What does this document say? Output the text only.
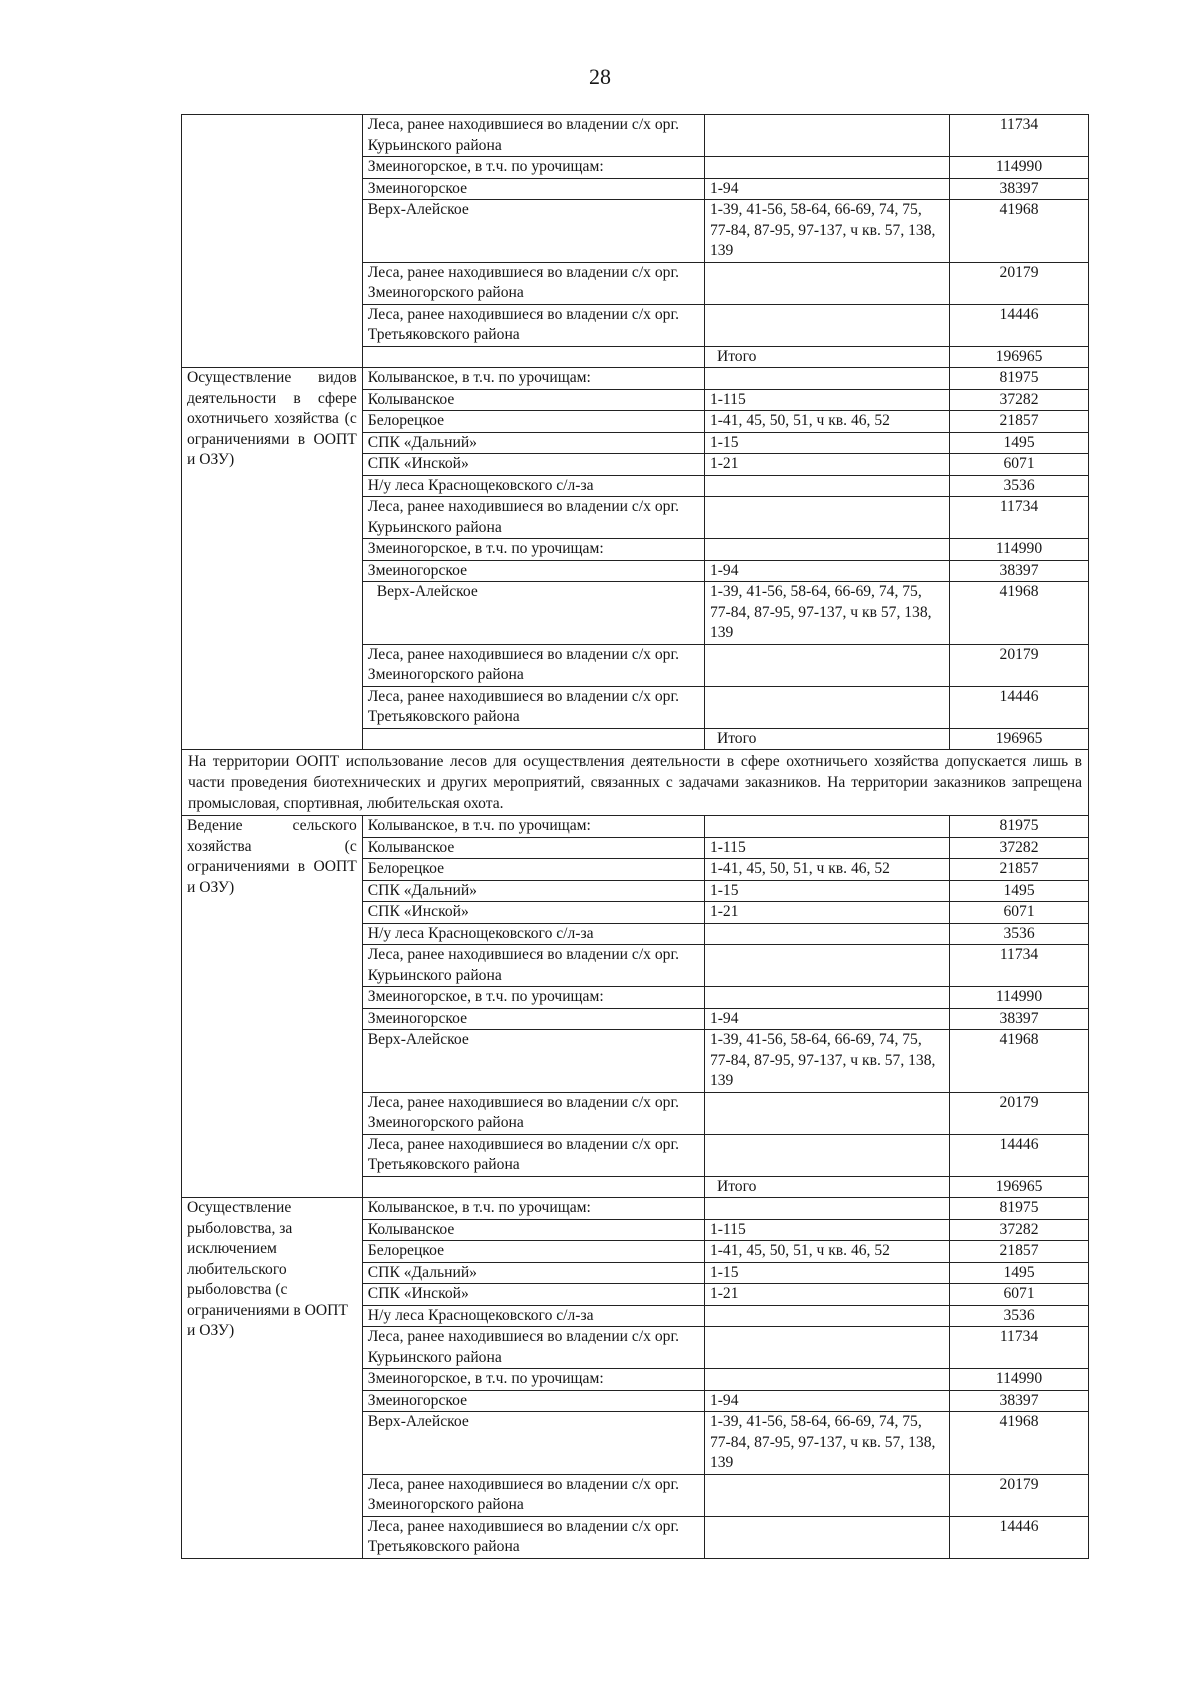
28
	Леса, ранее находившиеся во владении с/х орг. Курьинского района		11734
	Змеиногорское, в т.ч. по урочищам:		114990
	Змеиногорское	1-94	38397
	Верх-Алейское	1-39, 41-56, 58-64, 66-69, 74, 75, 77-84, 87-95, 97-137, ч кв. 57, 138, 139	41968
	Леса, ранее находившиеся во владении с/х орг. Змеиногорского района		20179
	Леса, ранее находившиеся во владении с/х орг. Третьяковского района		14446
		Итого	196965
Осуществление видов деятельности в сфере охотничьего хозяйства (с ограничениями в ООПТ и ОЗУ)	Колыванское, в т.ч. по урочищам:		81975
	Колыванское	1-115	37282
	Белорецкое	1-41, 45, 50, 51, ч кв. 46, 52	21857
	СПК «Дальний»	1-15	1495
	СПК «Инской»	1-21	6071
	Н/у леса Краснощековского с/л-за		3536
	Леса, ранее находившиеся во владении с/х орг. Курьинского района		11734
	Змеиногорское, в т.ч. по урочищам:		114990
	Змеиногорское	1-94	38397
	Верх-Алейское	1-39, 41-56, 58-64, 66-69, 74, 75, 77-84, 87-95, 97-137, ч кв 57, 138, 139	41968
	Леса, ранее находившиеся во владении с/х орг. Змеиногорского района		20179
	Леса, ранее находившиеся во владении с/х орг. Третьяковского района		14446
		Итого	196965
На территории ООПТ использование лесов для осуществления деятельности в сфере охотничьего хозяйства допускается лишь в части проведения биотехнических и других мероприятий, связанных с задачами заказников. На территории заказников запрещена промысловая, спортивная, любительская охота.			
Ведение сельского хозяйства (с ограничениями в ООПТ и ОЗУ)	Колыванское, в т.ч. по урочищам:		81975
	Колыванское	1-115	37282
	Белорецкое	1-41, 45, 50, 51, ч кв. 46, 52	21857
	СПК «Дальний»	1-15	1495
	СПК «Инской»	1-21	6071
	Н/у леса Краснощековского с/л-за		3536
	Леса, ранее находившиеся во владении с/х орг. Курьинского района		11734
	Змеиногорское, в т.ч. по урочищам:		114990
	Змеиногорское	1-94	38397
	Верх-Алейское	1-39, 41-56, 58-64, 66-69, 74, 75, 77-84, 87-95, 97-137, ч кв. 57, 138, 139	41968
	Леса, ранее находившиеся во владении с/х орг. Змеиногорского района		20179
	Леса, ранее находившиеся во владении с/х орг. Третьяковского района		14446
		Итого	196965
Осуществление рыболовства, за исключением любительского рыболовства (с ограничениями в ООПТ и ОЗУ)	Колыванское, в т.ч. по урочищам:		81975
	Колыванское	1-115	37282
	Белорецкое	1-41, 45, 50, 51, ч кв. 46, 52	21857
	СПК «Дальний»	1-15	1495
	СПК «Инской»	1-21	6071
	Н/у леса Краснощековского с/л-за		3536
	Леса, ранее находившиеся во владении с/х орг. Курьинского района		11734
	Змеиногорское, в т.ч. по урочищам:		114990
	Змеиногорское	1-94	38397
	Верх-Алейское	1-39, 41-56, 58-64, 66-69, 74, 75, 77-84, 87-95, 97-137, ч кв. 57, 138, 139	41968
	Леса, ранее находившиеся во владении с/х орг. Змеиногорского района		20179
	Леса, ранее находившиеся во владении с/х орг. Третьяковского района		14446
